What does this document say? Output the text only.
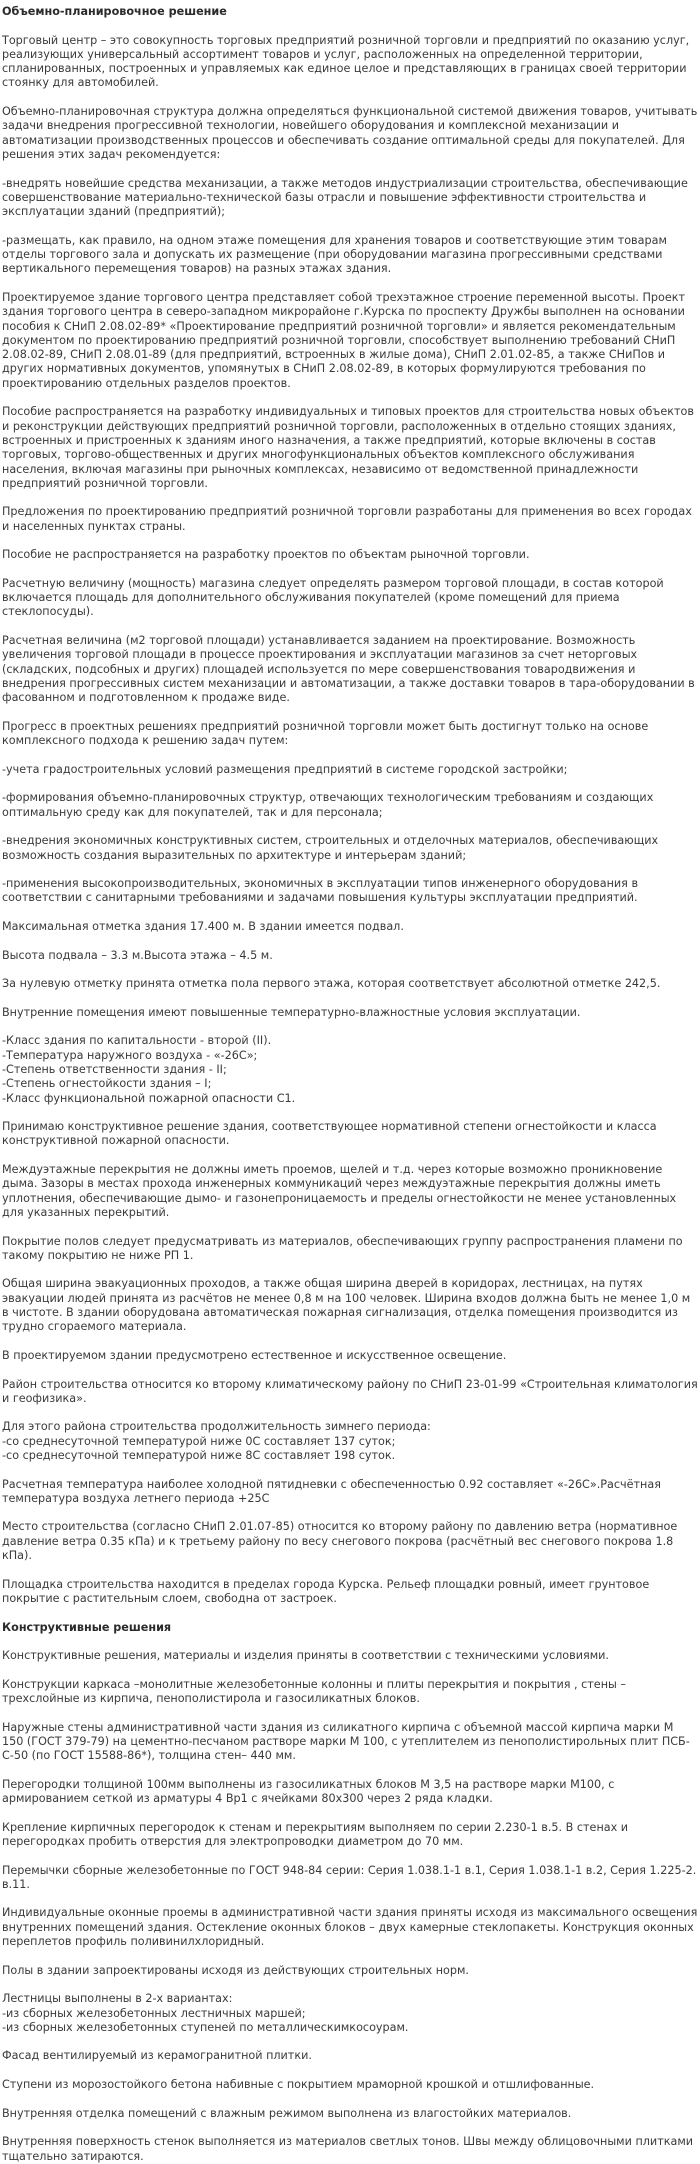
Объемно-планировочное решение
Торговый центр – это совокупность торговых предприятий розничной торговли и предприятий по оказанию услуг, реализующих универсальный ассортимент товаров и услуг, расположенных на определенной территории, спланированных, построенных и управляемых как единое целое и представляющих в границах своей территории стоянку для автомобилей.
Объемно-планировочная структура должна определяться функциональной системой движения товаров, учитывать задачи внедрения прогрессивной технологии, новейшего оборудования и комплексной механизации и автоматизации производственных процессов и обеспечивать создание оптимальной среды для покупателей. Для решения этих задач рекомендуется:
-внедрять новейшие средства механизации, а также методов индустриализации строительства, обеспечивающие совершенствование материально-технической базы отрасли и повышение эффективности строительства и эксплуатации зданий (предприятий);
-размещать, как правило, на одном этаже помещения для хранения товаров и соответствующие этим товарам отделы торгового зала и допускать их размещение (при оборудовании магазина прогрессивными средствами вертикального перемещения товаров) на разных этажах здания.
Проектируемое здание торгового центра представляет собой трехэтажное строение переменной высоты. Проект здания торгового центра в северо-западном микрорайоне г.Курска по проспекту Дружбы выполнен на основании пособия к СНиП 2.08.02-89* «Проектирование предприятий розничной торговли» и является рекомендательным документом по проектированию предприятий розничной торговли, способствует выполнению требований СНиП 2.08.02-89, СНиП 2.08.01-89 (для предприятий, встроенных в жилые дома), СНиП 2.01.02-85, а также СНиПов и других нормативных документов, упомянутых в СНиП 2.08.02-89, в которых формулируются требования по проектированию отдельных разделов проектов.
Пособие распространяется на разработку индивидуальных и типовых проектов для строительства новых объектов и реконструкции действующих предприятий розничной торговли, расположенных в отдельно стоящих зданиях, встроенных и пристроенных к зданиям иного назначения, а также предприятий, которые включены в состав торговых, торгово-общественных и других многофункциональных объектов комплексного обслуживания населения, включая магазины при рыночных комплексах, независимо от ведомственной принадлежности предприятий розничной торговли.
Предложения по проектированию предприятий розничной торговли разработаны для применения во всех городах и населенных пунктах страны.
Пособие не распространяется на разработку проектов по объектам рыночной торговли.
Расчетную величину (мощность) магазина следует определять размером торговой площади, в состав которой включается площадь для дополнительного обслуживания покупателей (кроме помещений для приема стеклопосуды).
Расчетная величина (м2 торговой площади) устанавливается заданием на проектирование. Возможность увеличения торговой площади в процессе проектирования и эксплуатации магазинов за счет неторговых (складских, подсобных и других) площадей используется по мере совершенствования товародвижения и внедрения прогрессивных систем механизации и автоматизации, а также доставки товаров в тара-оборудовании в фасованном и подготовленном к продаже виде.
Прогресс в проектных решениях предприятий розничной торговли может быть достигнут только на основе комплексного подхода к решению задач путем:
-учета градостроительных условий размещения предприятий в системе городской застройки;
-формирования объемно-планировочных структур, отвечающих технологическим требованиям и создающих оптимальную среду как для покупателей, так и для персонала;
-внедрения экономичных конструктивных систем, строительных и отделочных материалов, обеспечивающих возможность создания выразительных по архитектуре и интерьерам зданий;
-применения высокопроизводительных, экономичных в эксплуатации типов инженерного оборудования в соответствии с санитарными требованиями и задачами повышения культуры эксплуатации предприятий.
Максимальная отметка здания 17.400 м. В здании имеется подвал.
Высота подвала – 3.3 м.Высота этажа – 4.5 м.
За нулевую отметку принята отметка пола первого этажа, которая соответствует абсолютной отметке 242,5.
Внутренние помещения имеют повышенные температурно-влажностные условия эксплуатации.
-Класс здания по капитальности - второй (II).
-Температура наружного воздуха - «-26С»;
-Степень ответственности здания - II;
-Степень огнестойкости здания – I;
-Класс функциональной пожарной опасности С1.
Принимаю конструктивное решение здания, соответствующее нормативной степени огнестойкости и класса конструктивной пожарной опасности.
Междуэтажные перекрытия не должны иметь проемов, щелей и т.д. через которые возможно проникновение дыма. Зазоры в местах прохода инженерных коммуникаций через междуэтажные перекрытия должны иметь уплотнения, обеспечивающие дымо- и газонепроницаемость и пределы огнестойкости не менее установленных для указанных перекрытий.
Покрытие полов следует предусматривать из материалов, обеспечивающих группу распространения пламени по такому покрытию не ниже РП 1.
Общая ширина эвакуационных проходов, а также общая ширина дверей в коридорах, лестницах, на путях эвакуации людей принята из расчётов не менее 0,8 м на 100 человек. Ширина входов должна быть не менее 1,0 м в чистоте. В здании оборудована автоматическая пожарная сигнализация, отделка помещения производится из трудно сгораемого материала.
В проектируемом здании предусмотрено естественное и искусственное освещение.
Район строительства относится ко второму климатическому району по СНиП 23-01-99 «Строительная климатология и геофизика».
Для этого района строительства продолжительность зимнего периода:
-со среднесуточной температурой ниже 0С составляет 137 суток;
-со среднесуточной температурой ниже 8С составляет 198 суток.
Расчетная температура наиболее холодной пятидневки с обеспеченностью 0.92 составляет «-26С».Расчётная температура воздуха летнего периода +25С
Место строительства (согласно СНиП 2.01.07-85) относится ко второму району по давлению ветра (нормативное давление ветра 0.35 кПа) и к третьему району по весу снегового покрова (расчётный вес снегового покрова 1.8 кПа).
Площадка строительства находится в пределах города Курска. Рельеф площадки ровный, имеет грунтовое покрытие с растительным слоем, свободна от застроек.
Конструктивные решения
Конструктивные решения, материалы и изделия приняты в соответствии с техническими условиями.
Конструкции каркаса –монолитные железобетонные колонны и плиты перекрытия и покрытия , стены – трехслойные из кирпича, пенополистирола и газосиликатных блоков.
Наружные стены административной части здания из силикатного кирпича с объемной массой кирпича марки М 150 (ГОСТ 379-79) на цементно-песчаном растворе марки М 100, с утеплителем из пенополистирольных плит ПСБ-С-50 (по ГОСТ 15588-86*), толщина стен– 440 мм.
Перегородки толщиной 100мм выполнены из газосиликатных блоков М 3,5 на растворе марки М100, с армированием сеткой из арматуры 4 Вр1 с ячейками 80х300 через 2 ряда кладки.
Крепление кирпичных перегородок к стенам и перекрытиям выполняем по серии 2.230-1 в.5. В стенах и перегородках пробить отверстия для электропроводки диаметром до 70 мм.
Перемычки сборные железобетонные по ГОСТ 948-84 серии: Серия 1.038.1-1 в.1, Серия 1.038.1-1 в.2, Серия 1.225-2. в.11.
Индивидуальные оконные проемы в административной части здания приняты исходя из максимального освещения внутренних помещений здания. Остекление оконных блоков – двух камерные стеклопакеты. Конструкция оконных переплетов профиль поливинилхлоридный.
Полы в здании запроектированы исходя из действующих строительных норм.
Лестницы выполнены в 2-х вариантах:
-из сборных железобетонных лестничных маршей;
-из сборных железобетонных ступеней по металлическимкосоурам.
Фасад вентилируемый из керамогранитной плитки.
Ступени из морозостойкого бетона набивные с покрытием мраморной крошкой и отшлифованные.
Внутренняя отделка помещений с влажным режимом выполнена из влагостойких материалов.
Внутренняя поверхность стенок выполняется из материалов светлых тонов. Швы между облицовочными плитками тщательно затираются.
